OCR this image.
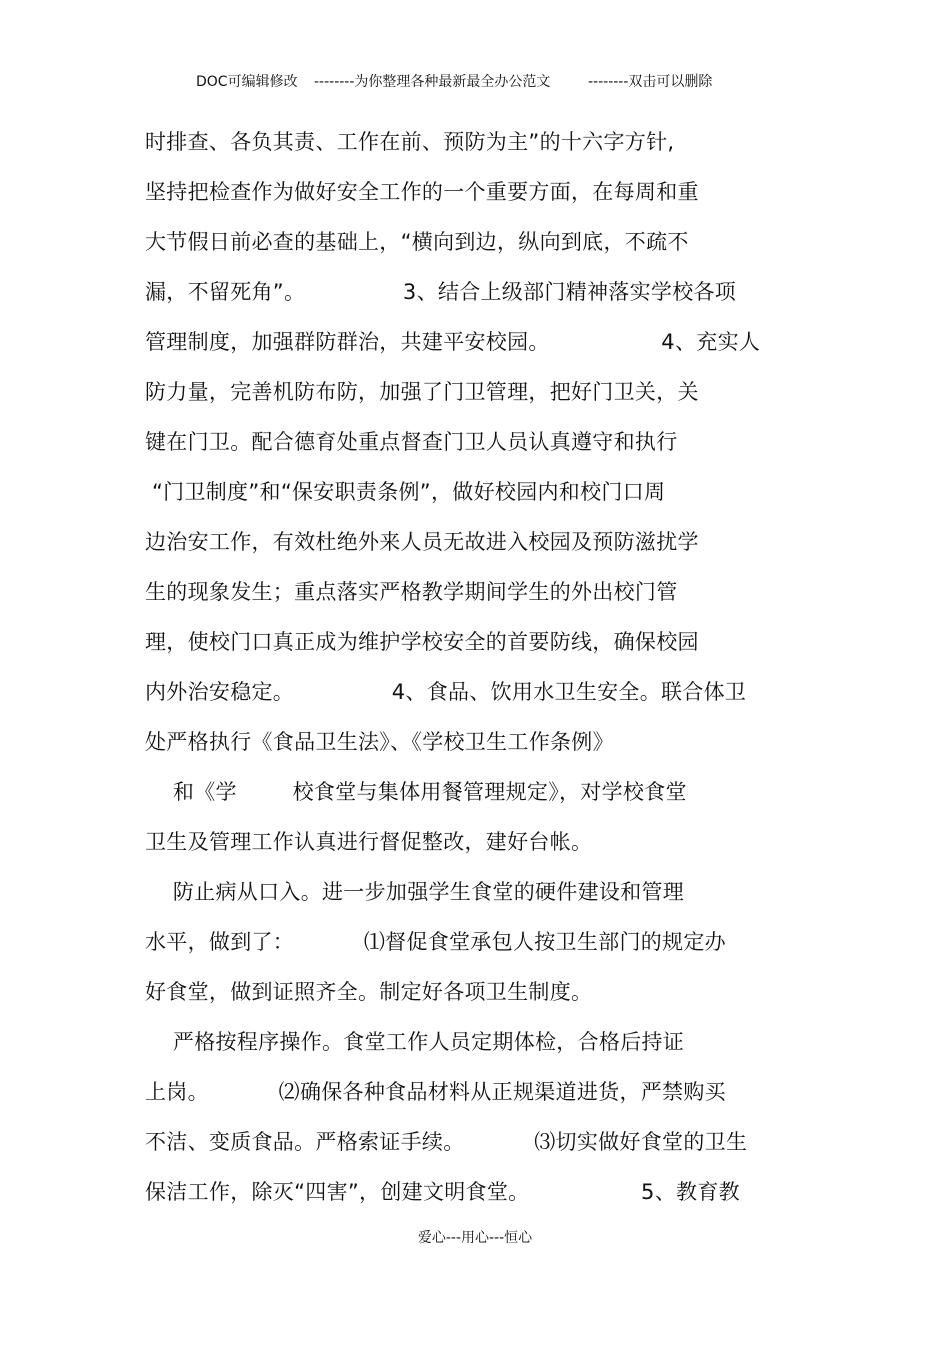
DOC可编辑修改 --------为你整理各种最新最全办公范文	--------双击可以删除
时排查、各负其责、工作在前、预防为主”的十六字方针,
坚持把检查作为做好安全工作的一个重要方面，在每周和重
大节假日前必查的基础上，“横向到边，纵向到底，不疏不
漏，不留死角”。              3、结合上级部门精神落实学校各项
管理制度，加强群防群治，共建平安校园。                4、充实人
防力量，完善机防布防，加强了门卫管理，把好门卫关，关
键在门卫。配合德育处重点督查门卫人员认真遵守和执行
“门卫制度”和“保安职责条例”，做好校园内和校门口周
边治安工作，有效杜绝外来人员无故进入校园及预防滋扰学
生的现象发生；重点落实严格教学期间学生的外出校门管
理，使校门口真正成为维护学校安全的首要防线，确保校园
内外治安稳定。              4、食品、饮用水卫生安全。联合体卫
处严格执行《食品卫生法》、《学校卫生工作条例》
和《学        校食堂与集体用餐管理规定》，对学校食堂
卫生及管理工作认真进行督促整改，建好台帐。
防止病从口入。进一步加强学生食堂的硬件建设和管理
水平，做到了：          ⑴督促食堂承包人按卫生部门的规定办
好食堂，做到证照齐全。制定好各项卫生制度。
严格按程序操作。食堂工作人员定期体检，合格后持证
上岗。          ⑵确保各种食品材料从正规渠道进货，严禁购买
不洁、变质食品。严格索证手续。          ⑶切实做好食堂的卫生
保洁工作，除灭“四害”，创建文明食堂。                5、教育教
爱心---用心---恒心
